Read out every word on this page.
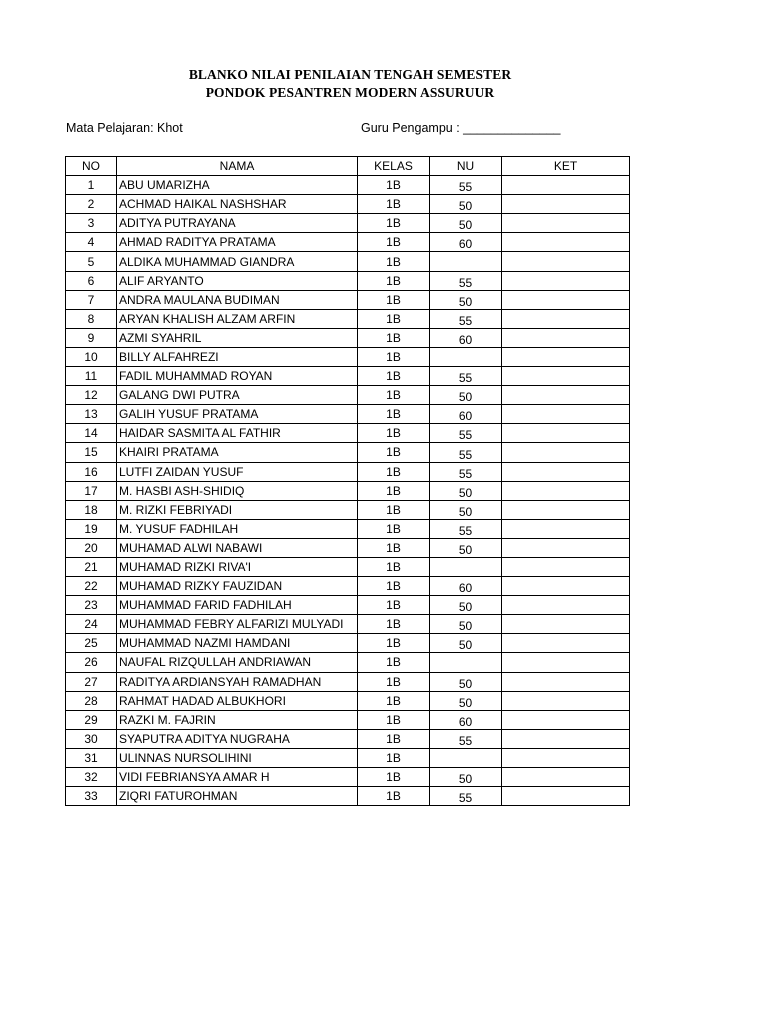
BLANKO NILAI PENILAIAN TENGAH SEMESTER
PONDOK PESANTREN MODERN ASSURUUR
Mata Pelajaran: Khot	Guru Pengampu : ______________
NO	NAMA	KELAS	NU	KET
1	ABU UMARIZHA	1B	55	
2	ACHMAD HAIKAL NASHSHAR	1B	50	
3	ADITYA PUTRAYANA	1B	50	
4	AHMAD RADITYA PRATAMA	1B	60	
5	ALDIKA MUHAMMAD GIANDRA	1B		
6	ALIF ARYANTO	1B	55	
7	ANDRA MAULANA BUDIMAN	1B	50	
8	ARYAN KHALISH ALZAM ARFIN	1B	55	
9	AZMI SYAHRIL	1B	60	
10	BILLY ALFAHREZI	1B		
11	FADIL MUHAMMAD ROYAN	1B	55	
12	GALANG DWI PUTRA	1B	50	
13	GALIH YUSUF PRATAMA	1B	60	
14	HAIDAR SASMITA AL FATHIR	1B	55	
15	KHAIRI PRATAMA	1B	55	
16	LUTFI ZAIDAN YUSUF	1B	55	
17	M. HASBI ASH-SHIDIQ	1B	50	
18	M. RIZKI FEBRIYADI	1B	50	
19	M. YUSUF FADHILAH	1B	55	
20	MUHAMAD ALWI NABAWI	1B	50	
21	MUHAMAD RIZKI RIVA'I	1B		
22	MUHAMAD RIZKY FAUZIDAN	1B	60	
23	MUHAMMAD FARID FADHILAH	1B	50	
24	MUHAMMAD FEBRY ALFARIZI MULYADI	1B	50	
25	MUHAMMAD NAZMI HAMDANI	1B	50	
26	NAUFAL RIZQULLAH ANDRIAWAN	1B		
27	RADITYA ARDIANSYAH RAMADHAN	1B	50	
28	RAHMAT HADAD ALBUKHORI	1B	50	
29	RAZKI M. FAJRIN	1B	60	
30	SYAPUTRA ADITYA NUGRAHA	1B	55	
31	ULINNAS NURSOLIHINI	1B		
32	VIDI FEBRIANSYA AMAR H	1B	50	
33	ZIQRI FATUROHMAN	1B	55	
